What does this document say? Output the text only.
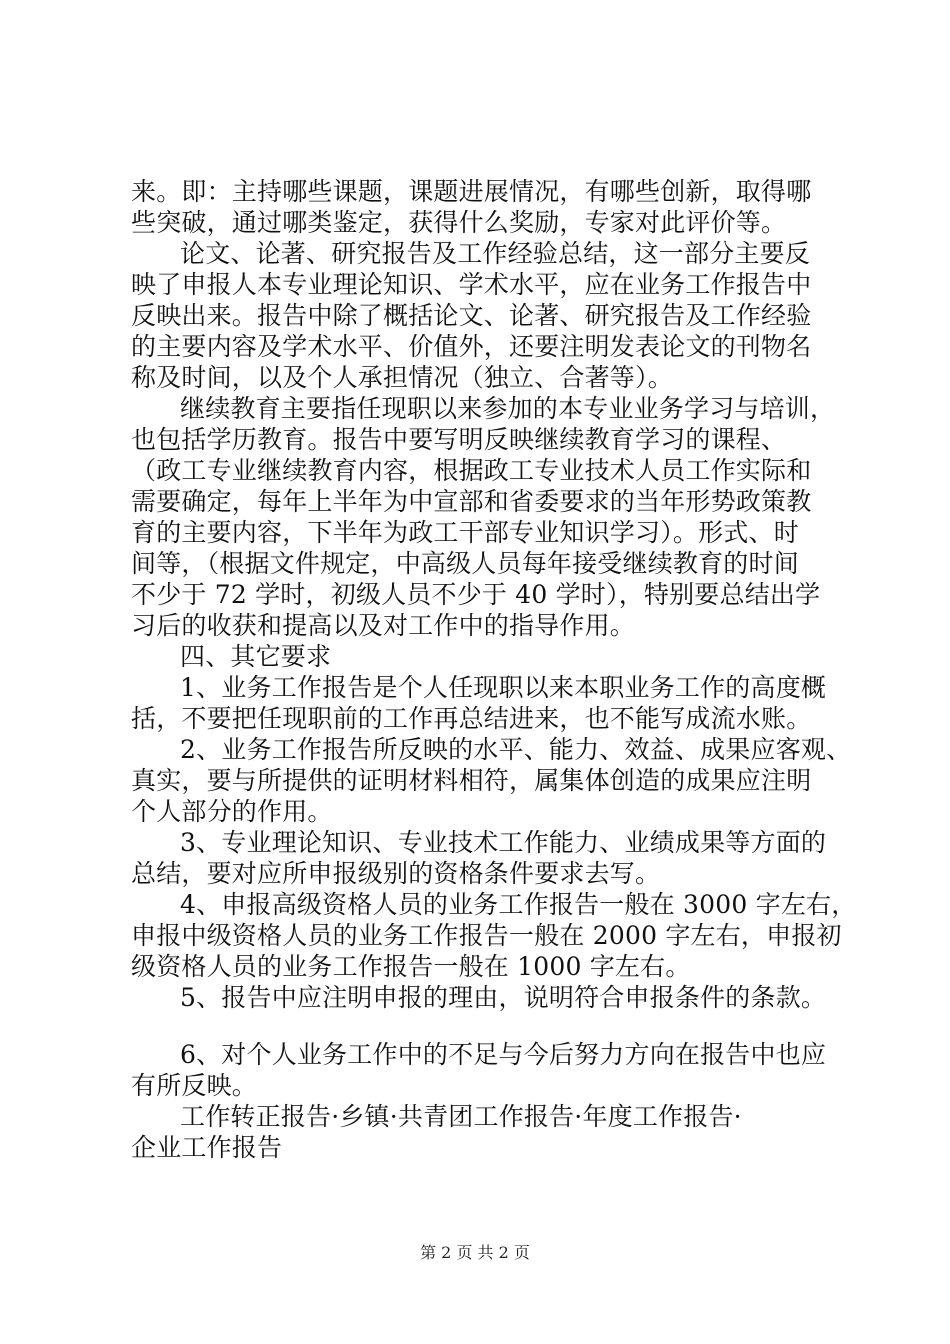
来。即：主持哪些课题，课题进展情况，有哪些创新，取得哪

些突破，通过哪类鉴定，获得什么奖励，专家对此评价等。

论文、论著、研究报告及工作经验总结，这一部分主要反

映了申报人本专业理论知识、学术水平，应在业务工作报告中

反映出来。报告中除了概括论文、论著、研究报告及工作经验

的主要内容及学术水平、价值外，还要注明发表论文的刊物名

称及时间，以及个人承担情况（独立、合著等）。

继续教育主要指任现职以来参加的本专业业务学习与培训，

也包括学历教育。报告中要写明反映继续教育学习的课程、

（政工专业继续教育内容，根据政工专业技术人员工作实际和

需要确定，每年上半年为中宣部和省委要求的当年形势政策教

育的主要内容，下半年为政工干部专业知识学习）。形式、时

间等，（根据文件规定，中高级人员每年接受继续教育的时间

不少于 72 学时，初级人员不少于 40 学时），特别要总结出学

习后的收获和提高以及对工作中的指导作用。

四、其它要求

1、业务工作报告是个人任现职以来本职业务工作的高度概

括，不要把任现职前的工作再总结进来，也不能写成流水账。

2、业务工作报告所反映的水平、能力、效益、成果应客观、

真实，要与所提供的证明材料相符，属集体创造的成果应注明

个人部分的作用。

3、专业理论知识、专业技术工作能力、业绩成果等方面的

总结，要对应所申报级别的资格条件要求去写。

4、申报高级资格人员的业务工作报告一般在 3000 字左右，

申报中级资格人员的业务工作报告一般在 2000 字左右，申报初

级资格人员的业务工作报告一般在 1000 字左右。

5、报告中应注明申报的理由，说明符合申报条件的条款。

6、对个人业务工作中的不足与今后努力方向在报告中也应

有所反映。

工作转正报告·乡镇·共青团工作报告·年度工作报告·

企业工作报告

第 2 页 共 2 页
